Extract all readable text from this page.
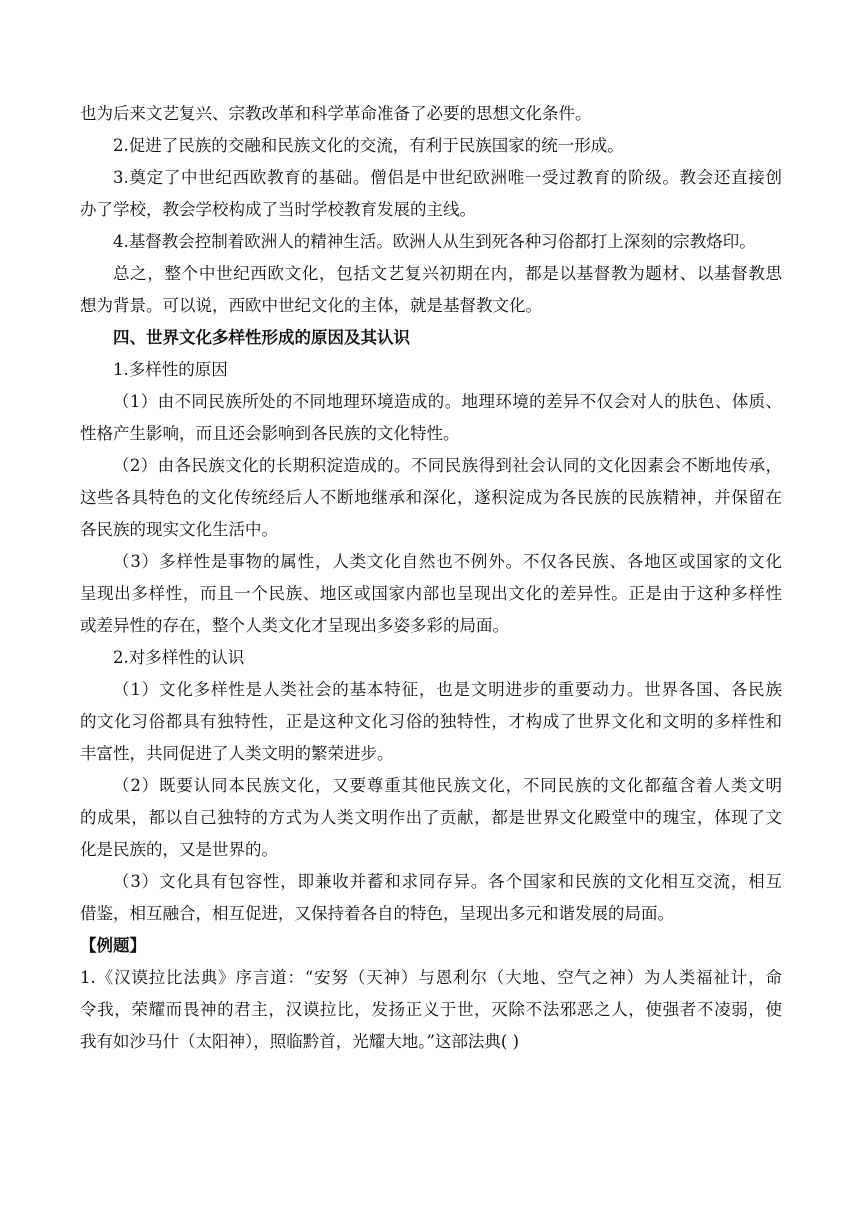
也为后来文艺复兴、宗教改革和科学革命准备了必要的思想文化条件。
2.促进了民族的交融和民族文化的交流，有利于民族国家的统一形成。
3.奠定了中世纪西欧教育的基础。僧侣是中世纪欧洲唯一受过教育的阶级。教会还直接创
办了学校，教会学校构成了当时学校教育发展的主线。
4.基督教会控制着欧洲人的精神生活。欧洲人从生到死各种习俗都打上深刻的宗教烙印。
总之，整个中世纪西欧文化，包括文艺复兴初期在内，都是以基督教为题材、以基督教思
想为背景。可以说，西欧中世纪文化的主体，就是基督教文化。
四、世界文化多样性形成的原因及其认识
1.多样性的原因
（1）由不同民族所处的不同地理环境造成的。地理环境的差异不仅会对人的肤色、体质、
性格产生影响，而且还会影响到各民族的文化特性。
（2）由各民族文化的长期积淀造成的。不同民族得到社会认同的文化因素会不断地传承，
这些各具特色的文化传统经后人不断地继承和深化，遂积淀成为各民族的民族精神，并保留在
各民族的现实文化生活中。
（3）多样性是事物的属性，人类文化自然也不例外。不仅各民族、各地区或国家的文化
呈现出多样性，而且一个民族、地区或国家内部也呈现出文化的差异性。正是由于这种多样性
或差异性的存在，整个人类文化才呈现出多姿多彩的局面。
2.对多样性的认识
（1）文化多样性是人类社会的基本特征，也是文明进步的重要动力。世界各国、各民族
的文化习俗都具有独特性，正是这种文化习俗的独特性，才构成了世界文化和文明的多样性和
丰富性，共同促进了人类文明的繁荣进步。
（2）既要认同本民族文化，又要尊重其他民族文化，不同民族的文化都蕴含着人类文明
的成果，都以自己独特的方式为人类文明作出了贡献，都是世界文化殿堂中的瑰宝，体现了文
化是民族的，又是世界的。
（3）文化具有包容性，即兼收并蓄和求同存异。各个国家和民族的文化相互交流，相互
借鉴，相互融合，相互促进，又保持着各自的特色，呈现出多元和谐发展的局面。
【例题】
1.《汉谟拉比法典》序言道：“安努（天神）与恩利尔（大地、空气之神）为人类福祉计，命
令我，荣耀而畏神的君主，汉谟拉比，发扬正义于世，灭除不法邪恶之人，使强者不凌弱，使
我有如沙马什（太阳神），照临黔首，光耀大地。”这部法典( )
